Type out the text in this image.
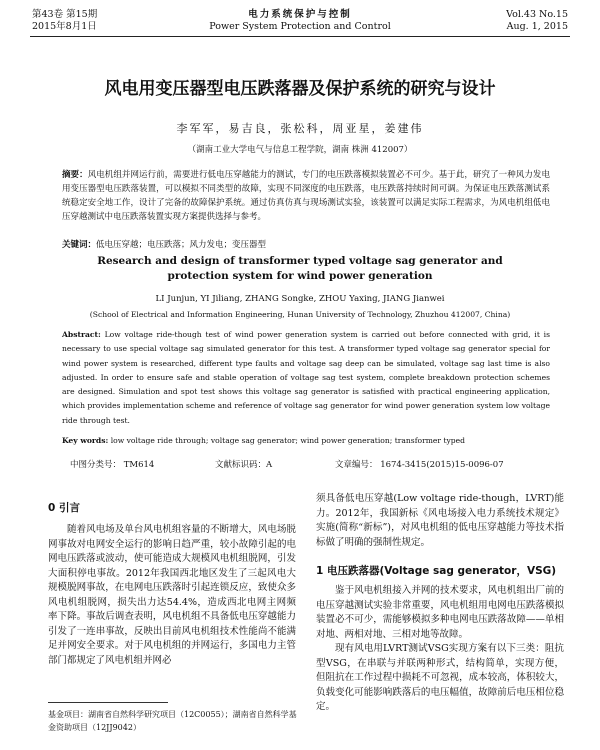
第43卷 第15期
2015年8月1日
电力系统保护与控制
Power System Protection and Control
Vol.43 No.15
Aug. 1, 2015
风电用变压器型电压跌落器及保护系统的研究与设计
李军军，易吉良，张松科，周亚星，姜建伟
（湖南工业大学电气与信息工程学院，湖南 株洲 412007）
摘要：风电机组并网运行前，需要进行低电压穿越能力的测试，专门的电压跌落模拟装置必不可少。基于此，研究了一种风力发电用变压器型电压跌落装置，可以模拟不同类型的故障，实现不同深度的电压跌落，电压跌落持续时间可调。为保证电压跌落测试系统稳定安全地工作，设计了完备的故障保护系统。通过仿真仿真与现场测试实验，该装置可以满足实际工程需求，为风电机组低电压穿越测试中电压跌落装置实现方案提供选择与参考。
关键词：低电压穿越；电压跌落；风力发电；变压器型
Research and design of transformer typed voltage sag generator and
protection system for wind power generation
LI Junjun, YI Jiliang, ZHANG Songke, ZHOU Yaxing, JIANG Jianwei
(School of Electrical and Information Engineering, Hunan University of Technology, Zhuzhou 412007, China)
Abstract: Low voltage ride-though test of wind power generation system is carried out before connected with grid, it is necessary to use special voltage sag simulated generator for this test. A transformer typed voltage sag generator special for wind power system is researched, different type faults and voltage sag deep can be simulated, voltage sag last time is also adjusted. In order to ensure safe and stable operation of voltage sag test system, complete breakdown protection schemes are designed. Simulation and spot test shows this voltage sag generator is satisfied with practical engineering application, which provides implementation scheme and reference of voltage sag generator for wind power generation system low voltage ride through test.
Key words: low voltage ride through; voltage sag generator; wind power generation; transformer typed
中图分类号： TM614	文献标识码：A	文章编号： 1674-3415(2015)15-0096-07
0 引言

随着风电场及单台风电机组容量的不断增大，风电场脱网事故对电网安全运行的影响日趋严重，较小故障引起的电网电压跌落或波动，使可能造成大规模风电机组脱网，引发大面积停电事故。2012年我国西北地区发生了三起风电大规模脱网事故，在电网电压跌落时引起连锁反应，致使众多风电机组脱网，损失出力达54.4%，造成西北电网主网频率下降。事故后调查表明，风电机组不具备低电压穿越能力引发了一连串事故，反映出目前风电机组技术性能尚不能满足并网安全要求。对于风电机组的并网运行，多国电力主管部门都规定了风电机组并网必

须具备低电压穿越(Low voltage ride-though，LVRT)能力。2012年，我国新标《风电场接入电力系统技术规定》实施(简称“新标”)，对风电机组的低电压穿越能力等技术指标做了明确的强制性规定。
1 电压跌落器(Voltage sag generator，VSG)

鉴于风电机组接入并网的技术要求，风电机组出厂前的电压穿越测试实验非常重要，风电机组用电网电压跌落模拟装置必不可少，需能够模拟多种电网电压跌落故障——单相对地、两相对地、三相对地等故障。

现有风电用LVRT测试VSG实现方案有以下三类：阻抗型VSG，在串联与并联两种形式，结构简单，实现方便，但阻抗在工作过程中损耗不可忽视，成本较高，体积较大，负载变化可能影响跌落后的电压幅值，故障前后电压相位稳定。

基金项目：湖南省自然科学研究项目（12C0055）；湖南省自然科学基金资助项目（12JJ9042）
